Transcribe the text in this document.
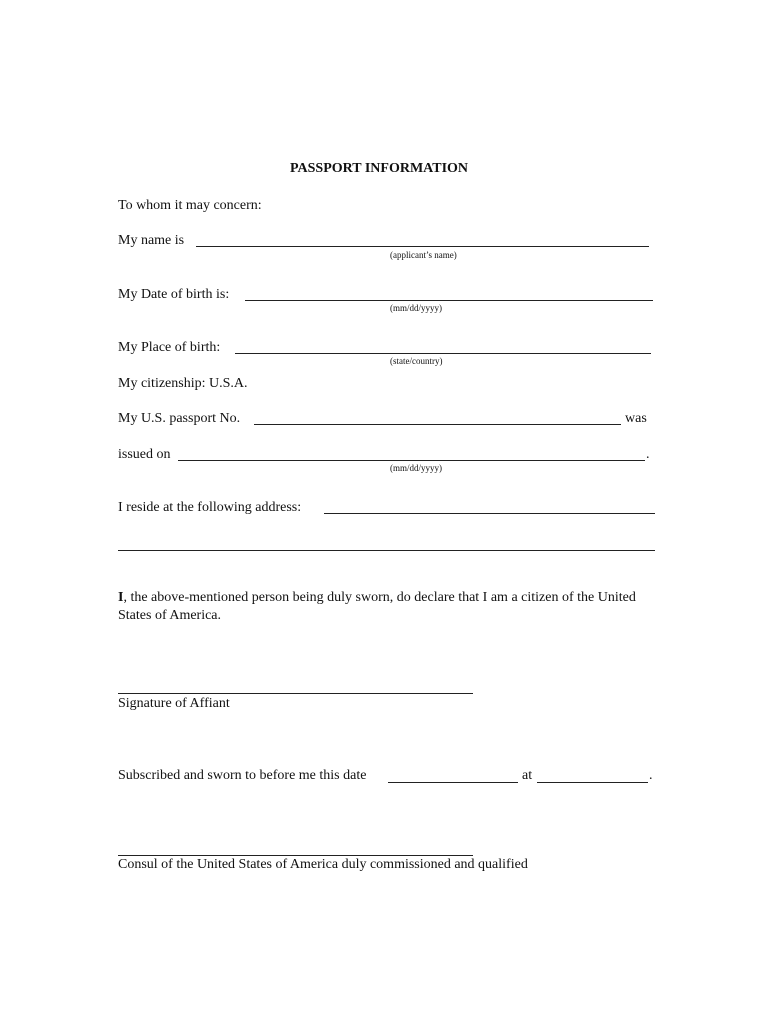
PASSPORT INFORMATION
To whom it may concern:
My name is
(applicant’s name)
My Date of birth is:
(mm/dd/yyyy)
My Place of birth:
(state/country)
My citizenship: U.S.A.
My U.S. passport No.	was
issued on	.
(mm/dd/yyyy)
I reside at the following address:
I, the above-mentioned person being duly sworn, do declare that I am a citizen of the United States of America.
Signature of Affiant
Subscribed and sworn to before me this date	at	.
Consul of the United States of America duly commissioned and qualified
